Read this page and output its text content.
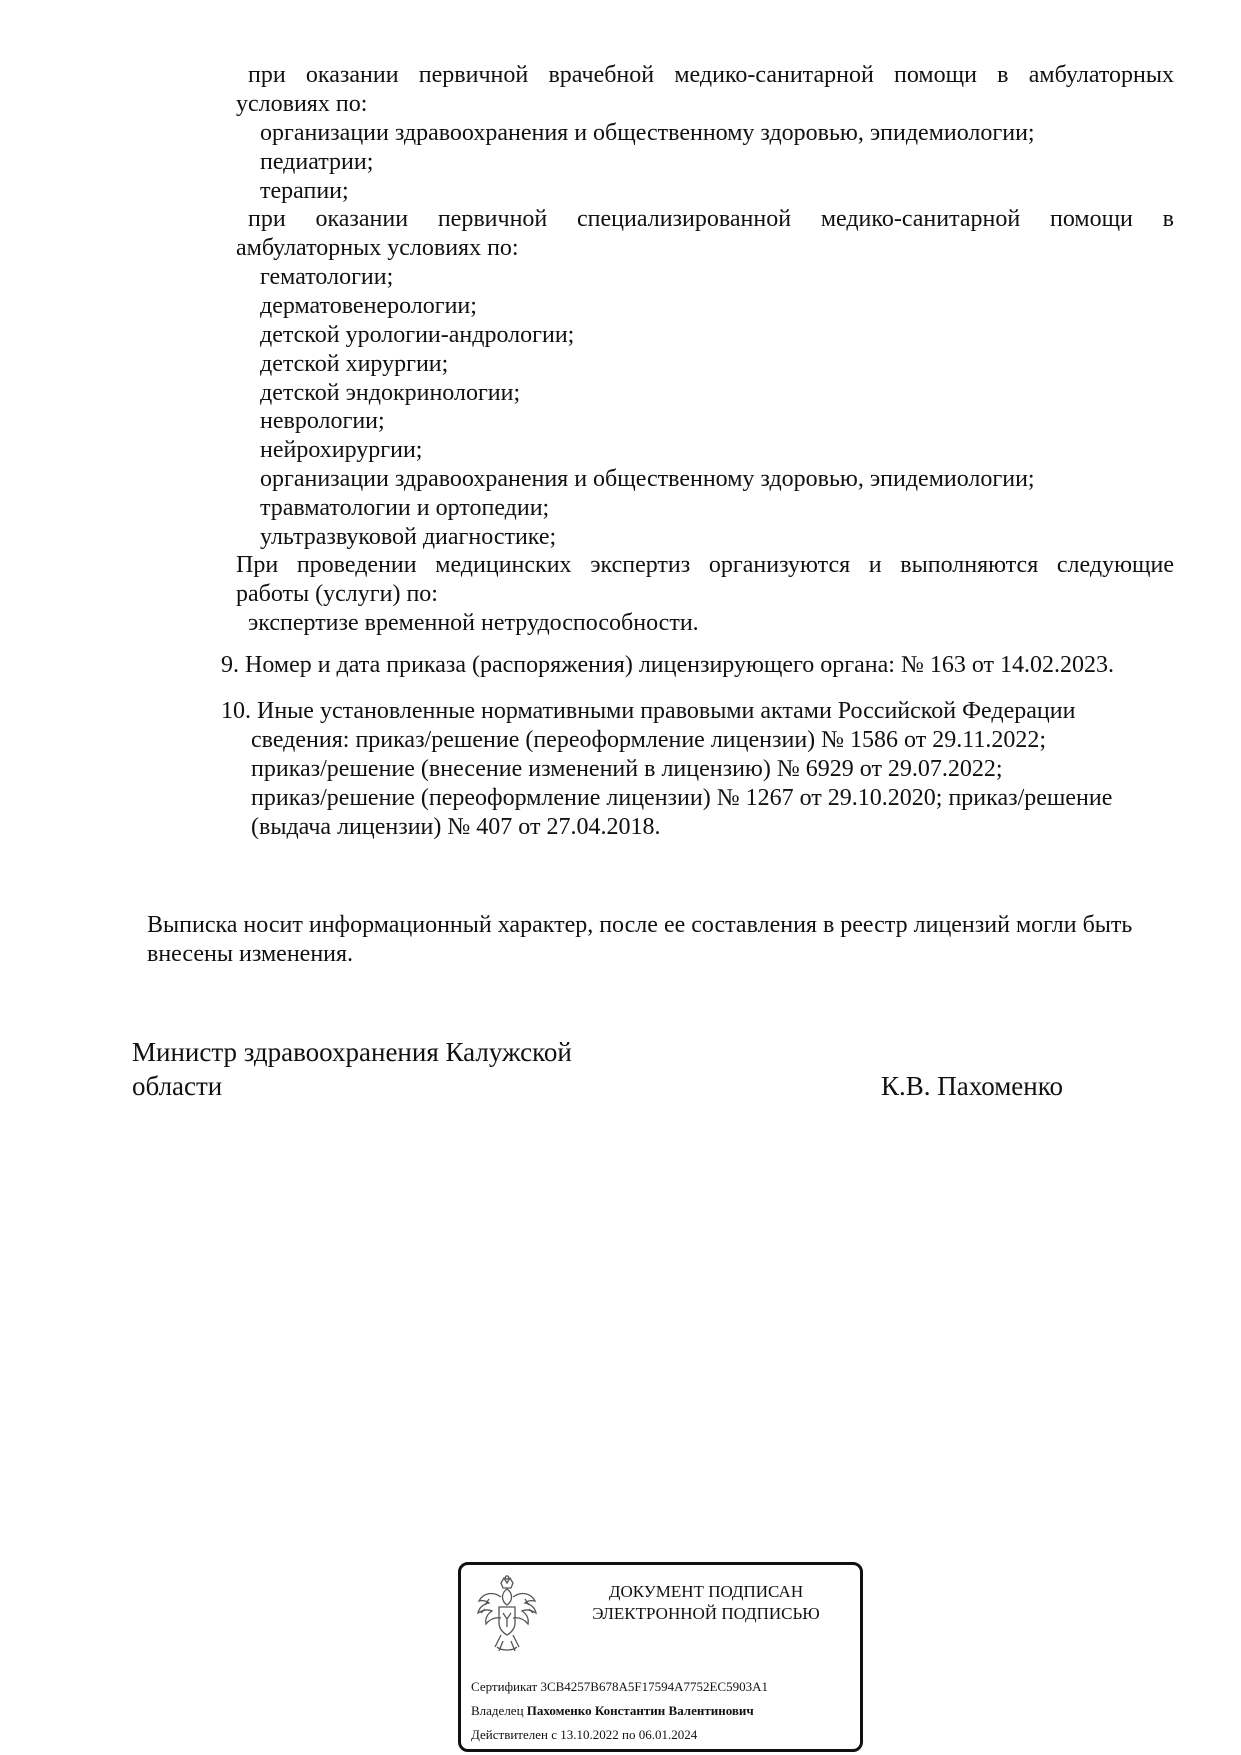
при оказании первичной врачебной медико-санитарной помощи в амбулаторных
условиях по:
организации здравоохранения и общественному здоровью, эпидемиологии;
педиатрии;
терапии;
при оказании первичной специализированной медико-санитарной помощи в
амбулаторных условиях по:
гематологии;
дерматовенерологии;
детской урологии-андрологии;
детской хирургии;
детской эндокринологии;
неврологии;
нейрохирургии;
организации здравоохранения и общественному здоровью, эпидемиологии;
травматологии и ортопедии;
ультразвуковой диагностике;
При проведении медицинских экспертиз организуются и выполняются следующие
работы (услуги) по:
экспертизе временной нетрудоспособности.
9. Номер и дата приказа (распоряжения) лицензирующего органа: № 163 от 14.02.2023.
10. Иные установленные нормативными правовыми актами Российской Федерации
сведения: приказ/решение (переоформление лицензии) № 1586 от 29.11.2022;
приказ/решение (внесение изменений в лицензию) № 6929 от 29.07.2022;
приказ/решение (переоформление лицензии) № 1267 от 29.10.2020; приказ/решение
(выдача лицензии) № 407 от 27.04.2018.
Выписка носит информационный характер, после ее составления в реестр лицензий могли быть
внесены изменения.
Министр здравоохранения Калужской
области	К.В. Пахоменко
ДОКУМЕНТ ПОДПИСАН
ЭЛЕКТРОННОЙ ПОДПИСЬЮ
Сертификат 3CB4257B678A5F17594A7752EC5903A1
Владелец Пахоменко Константин Валентинович
Действителен с 13.10.2022 по 06.01.2024
